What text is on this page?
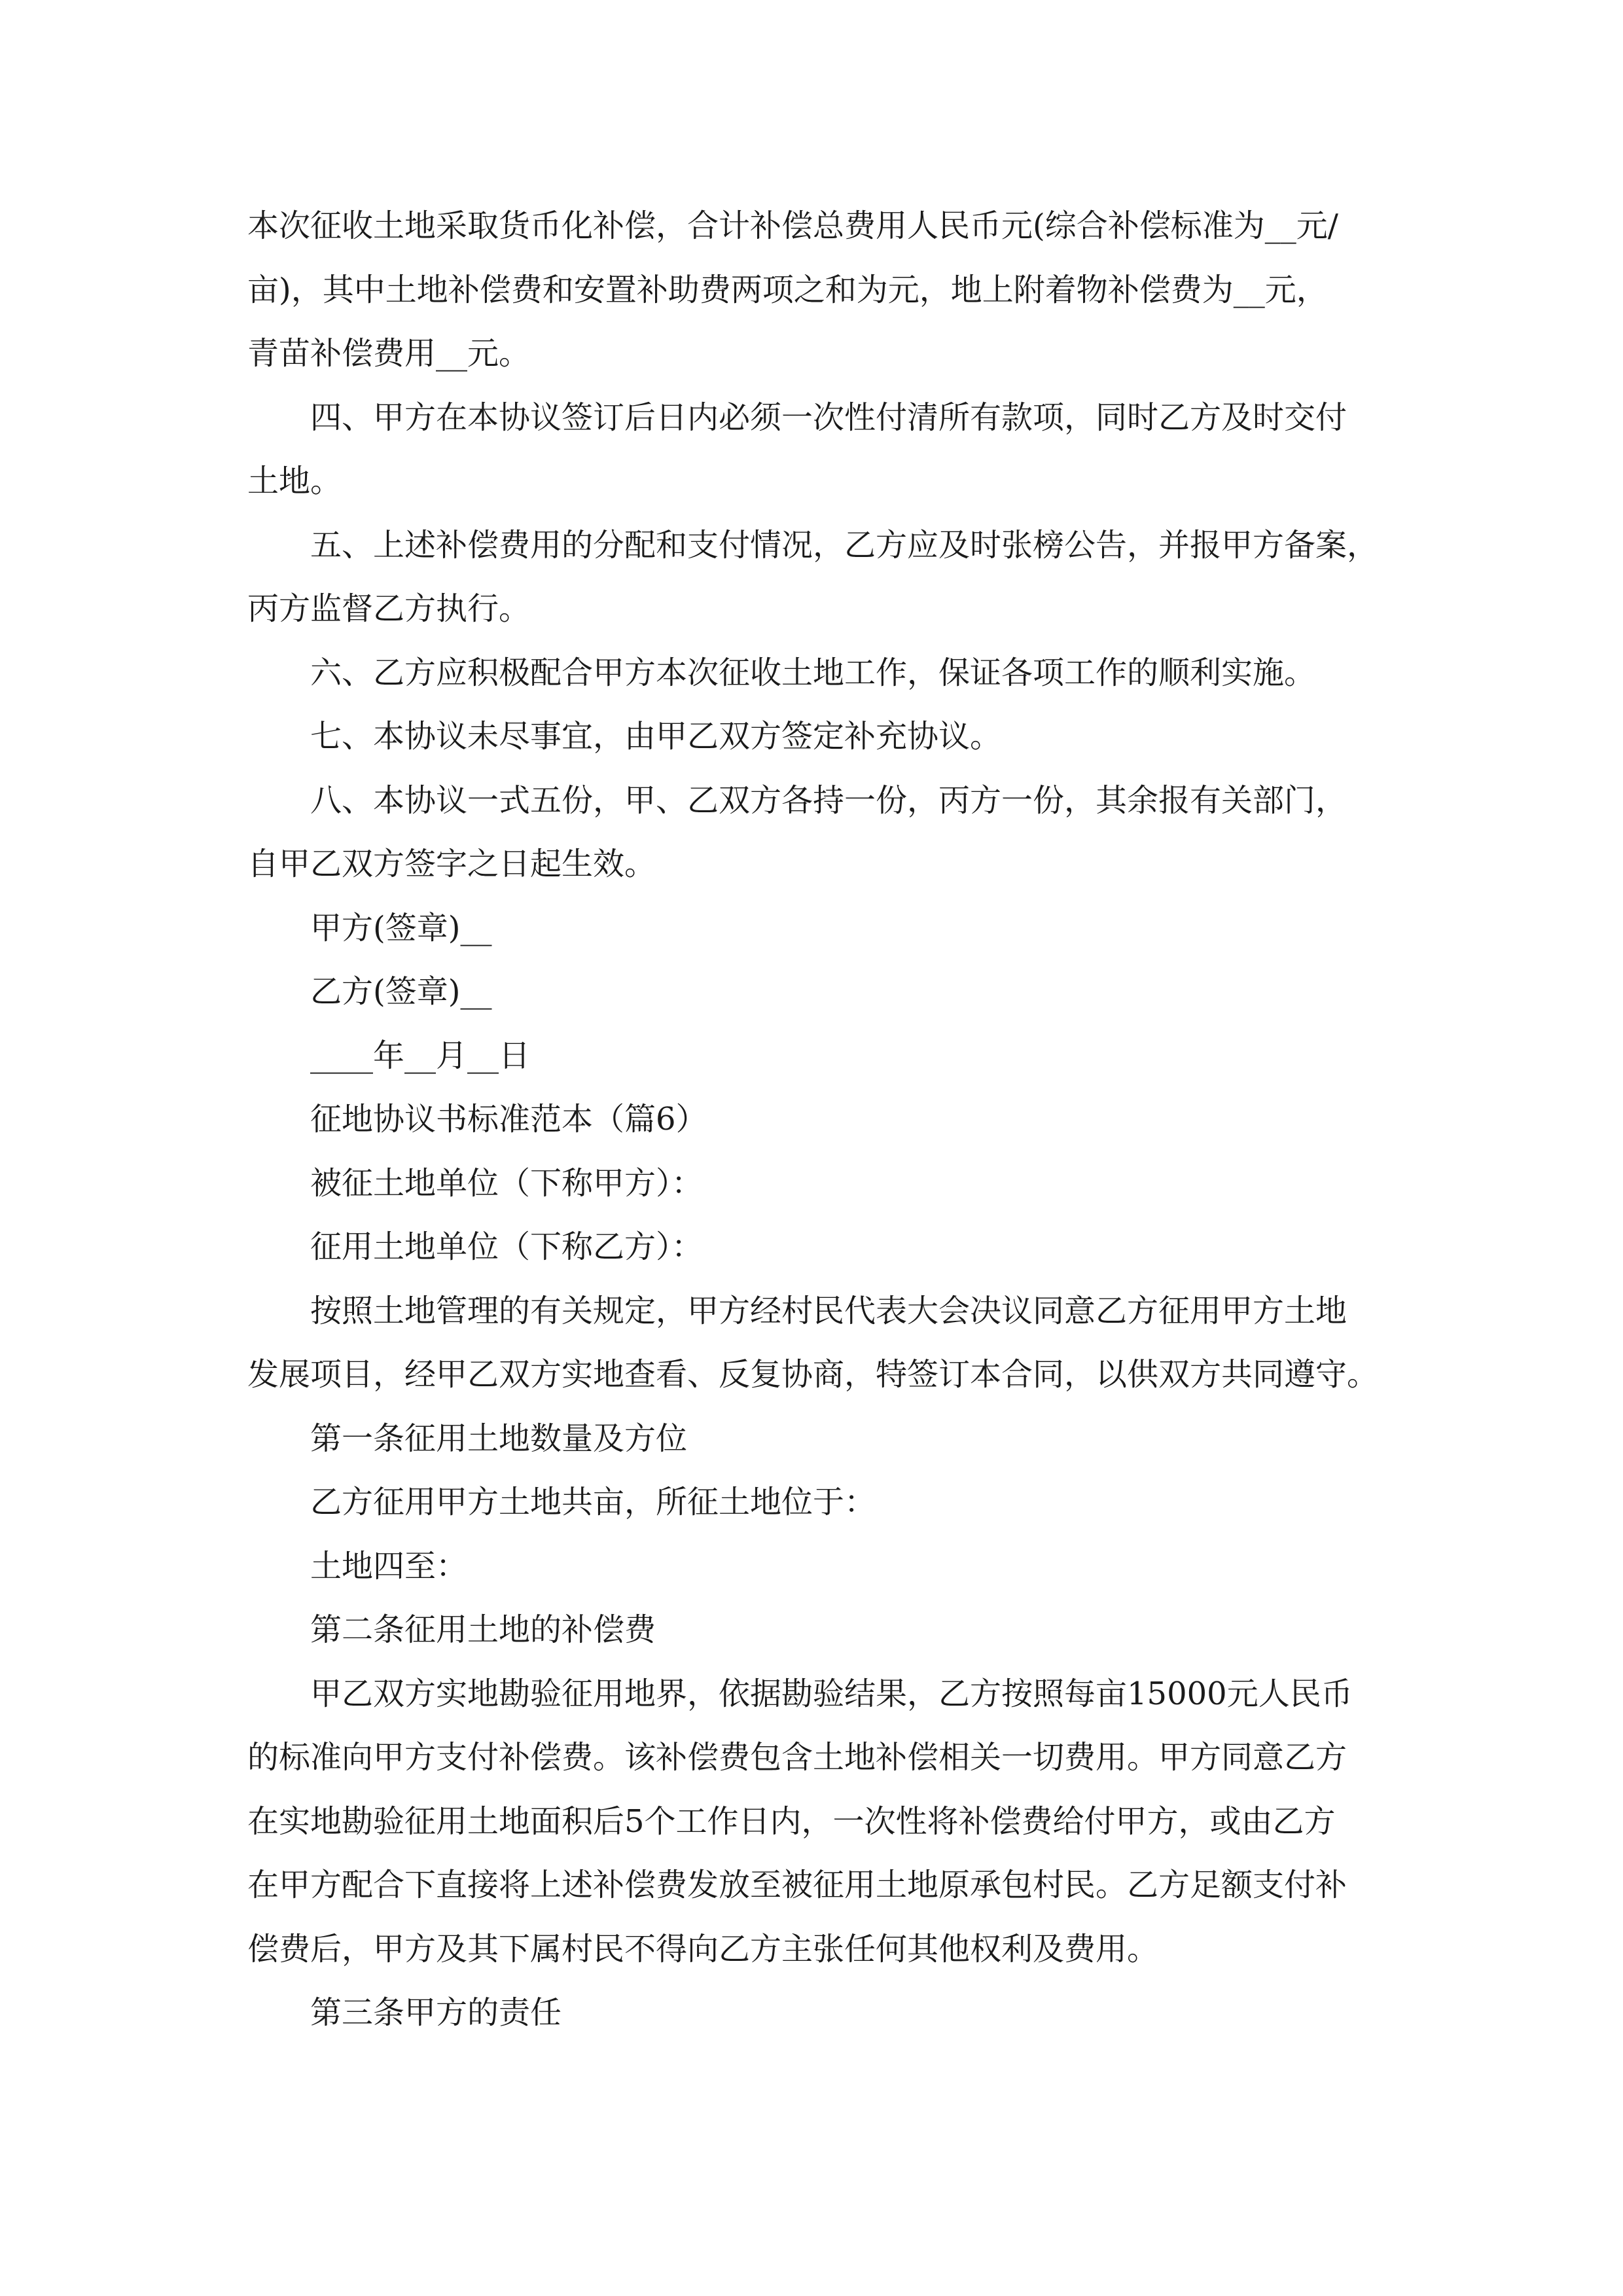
本次征收土地采取货币化补偿，合计补偿总费用人民币元(综合补偿标准为__元/
亩)，其中土地补偿费和安置补助费两项之和为元，地上附着物补偿费为__元，
青苗补偿费用__元。
四、甲方在本协议签订后日内必须一次性付清所有款项，同时乙方及时交付
土地。
五、上述补偿费用的分配和支付情况，乙方应及时张榜公告，并报甲方备案，
丙方监督乙方执行。
六、乙方应积极配合甲方本次征收土地工作，保证各项工作的顺利实施。
七、本协议未尽事宜，由甲乙双方签定补充协议。
八、本协议一式五份，甲、乙双方各持一份，丙方一份，其余报有关部门，
自甲乙双方签字之日起生效。
甲方(签章)__
乙方(签章)__
____年__月__日
征地协议书标准范本（篇6）
被征土地单位（下称甲方）：
征用土地单位（下称乙方）：
按照土地管理的有关规定，甲方经村民代表大会决议同意乙方征用甲方土地
发展项目，经甲乙双方实地查看、反复协商，特签订本合同，以供双方共同遵守。
第一条征用土地数量及方位
乙方征用甲方土地共亩，所征土地位于：
土地四至：
第二条征用土地的补偿费
甲乙双方实地勘验征用地界，依据勘验结果，乙方按照每亩15000元人民币
的标准向甲方支付补偿费。该补偿费包含土地补偿相关一切费用。甲方同意乙方
在实地勘验征用土地面积后5个工作日内，一次性将补偿费给付甲方，或由乙方
在甲方配合下直接将上述补偿费发放至被征用土地原承包村民。乙方足额支付补
偿费后，甲方及其下属村民不得向乙方主张任何其他权利及费用。
第三条甲方的责任
